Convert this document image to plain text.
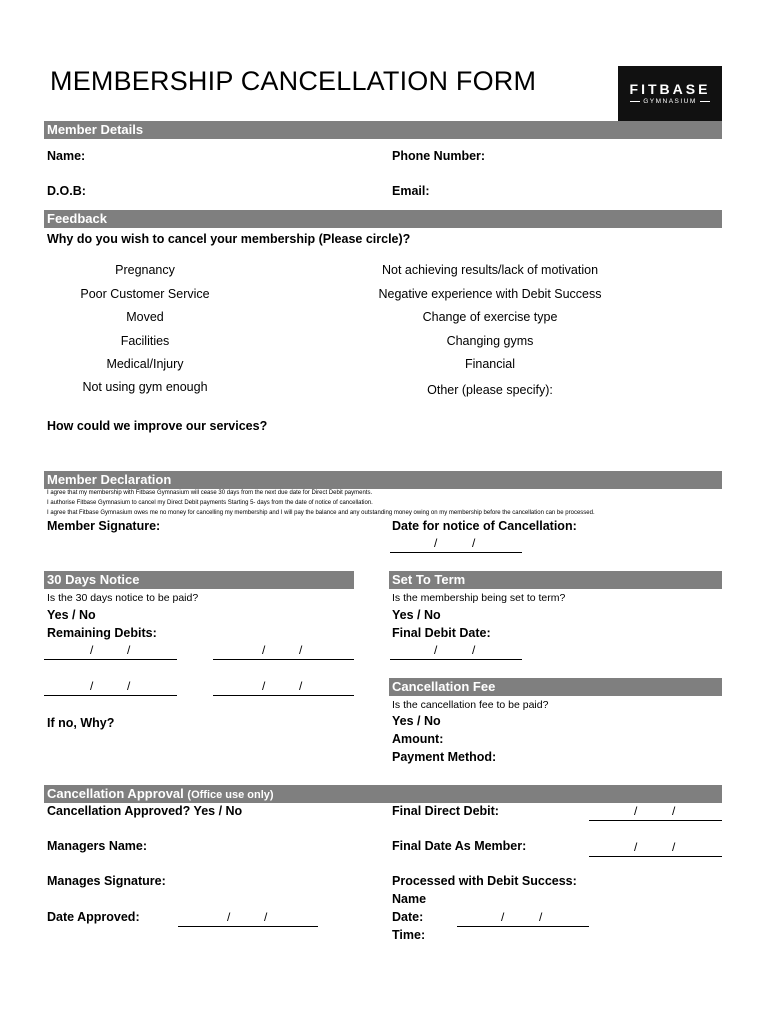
MEMBERSHIP CANCELLATION FORM	FITBASE
GYMNASIUM
Member Details
Name:	Phone Number:
D.O.B:	Email:
Feedback
Why do you wish to cancel your membership (Please circle)?
Pregnancy
Poor Customer Service
Moved
Facilities
Medical/Injury
Not using gym enough
Not achieving results/lack of motivation
Negative experience with Debit Success
Change of exercise type
Changing gyms
Financial
Other (please specify):
How could we improve our services?
Member Declaration
I agree that my membership with Fitbase Gymnasium will cease 30 days from the next due date for Direct Debit payments.
I authorise Fitbase Gymnasium to cancel my Direct Debit payments Starting 5- days from the date of notice of cancellation.
I agree that Fitbase Gymnasium owes me no money for cancelling my membership and I will pay the balance and any outstanding money owing on my membership before the cancellation can be processed.
Member Signature:	Date for notice of Cancellation:
/	/
30 Days Notice
Is the 30 days notice to be paid?
Yes / No
Remaining Debits:
/	/	/	/
/	/	/	/
If no, Why?
Set To Term
Is the membership being set to term?
Yes / No
Final Debit Date:
/	/
Cancellation Fee
Is the cancellation fee to be paid?
Yes / No
Amount:
Payment Method:
Cancellation Approval (Office use only)
Cancellation Approved? Yes / No	Final Direct Debit:	/	/
Managers Name:	Final Date As Member:	/	/
Manages Signature:	Processed with Debit Success:
Name
Date Approved:	/	/	Date:	/	/
Time:
